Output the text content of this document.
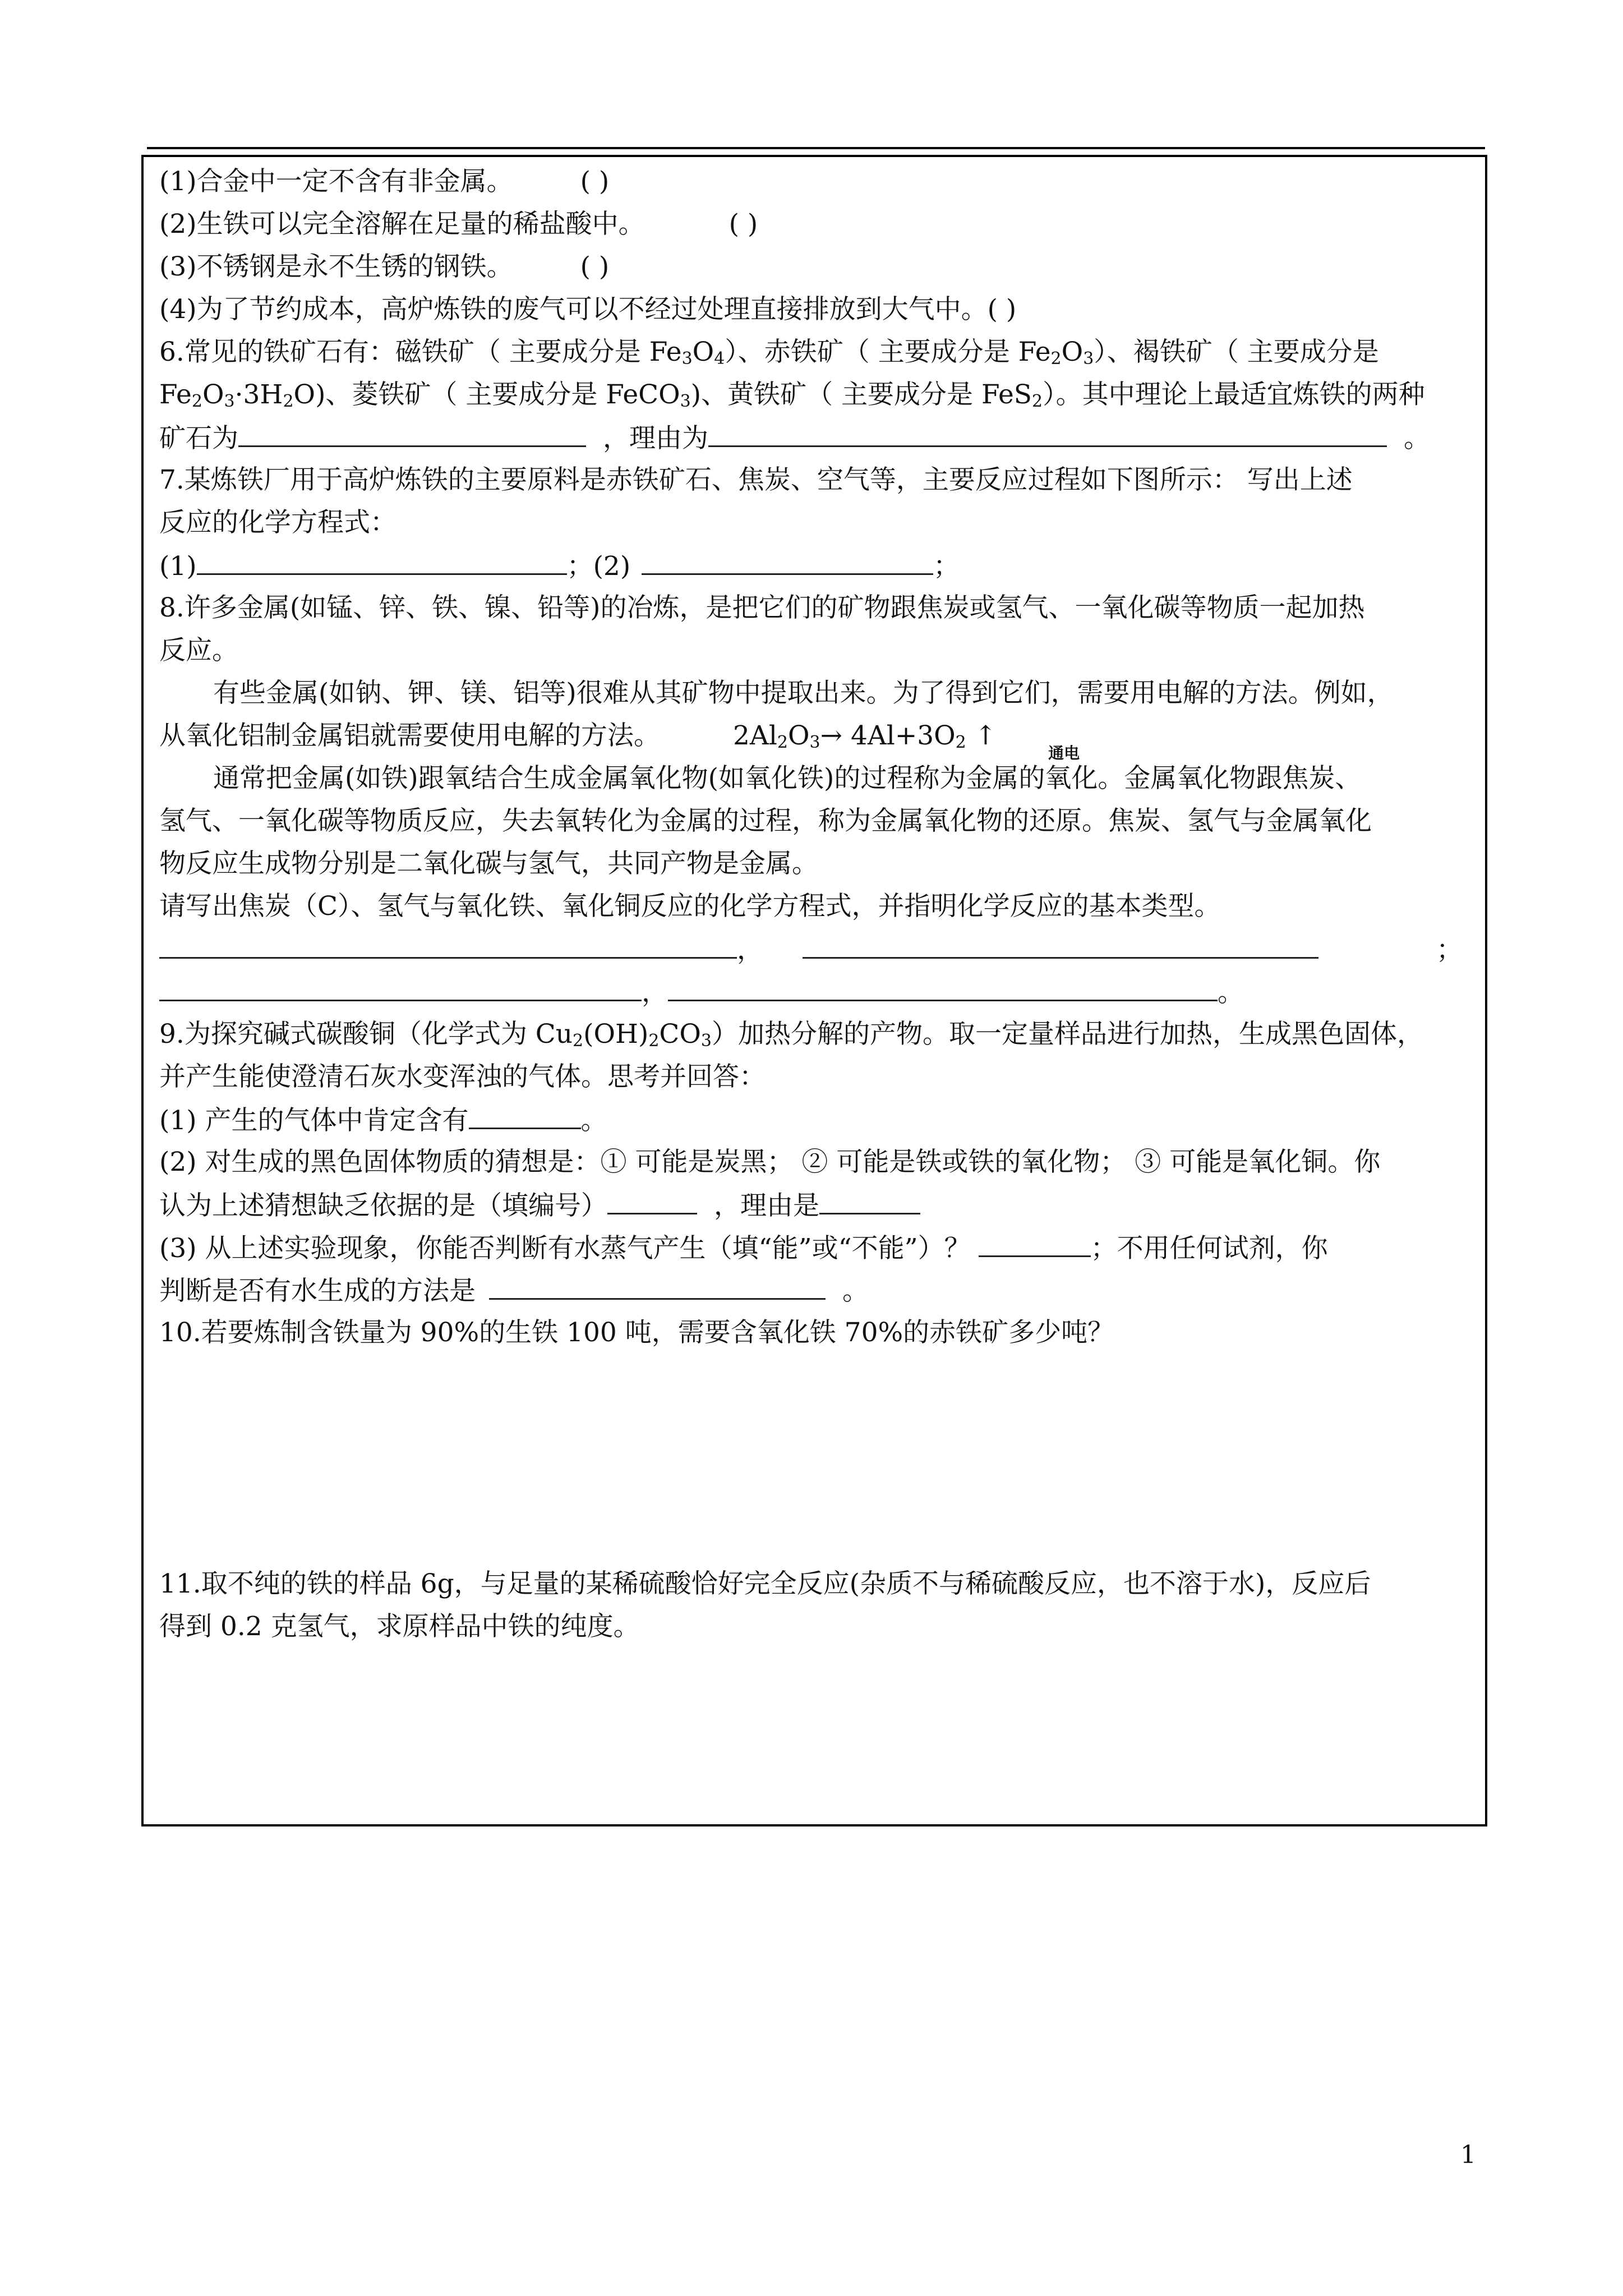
(1)合金中一定不含有非金属。	( )
(2)生铁可以完全溶解在足量的稀盐酸中。	( )
(3)不锈钢是永不生锈的钢铁。	( )
(4)为了节约成本，高炉炼铁的废气可以不经过处理直接排放到大气中。( )
6.常见的铁矿石有：磁铁矿（ 主要成分是 $Fe_3O_4$）、赤铁矿（ 主要成分是 $Fe_2O_3$）、褐铁矿（ 主要成分是
$Fe_2O_3\cdot 3H_2O$)、菱铁矿（ 主要成分是 FeCO$_3$)、黄铁矿（ 主要成分是 FeS$_2$）。其中理论上最适宜炼铁的两种
矿石为	，理由为	。
7.某炼铁厂用于高炉炼铁的主要原料是赤铁矿石、焦炭、空气等，主要反应过程如下图所示： 写出上述
反应的化学方程式：
(1)	；(2)	；
8.许多金属(如锰、锌、铁、镍、铅等)的冶炼，是把它们的矿物跟焦炭或氢气、一氧化碳等物质一起加热
反应。
有些金属(如钠、钾、镁、铝等)很难从其矿物中提取出来。为了得到它们，需要用电解的方法。例如，
从氧化铝制金属铝就需要使用电解的方法。	$2Al_2O_3\to 4Al+3O_2$ ↑
通电
通常把金属(如铁)跟氧结合生成金属氧化物(如氧化铁)的过程称为金属的氧化。金属氧化物跟焦炭、
氢气、一氧化碳等物质反应，失去氧转化为金属的过程，称为金属氧化物的还原。焦炭、氢气与金属氧化
物反应生成物分别是二氧化碳与氢气，共同产物是金属。
请写出焦炭（C）、氢气与氧化铁、氧化铜反应的化学方程式，并指明化学反应的基本类型。
，	；
，	。
9.为探究碱式碳酸铜（化学式为 $Cu_2(OH)_2CO_3$）加热分解的产物。取一定量样品进行加热，生成黑色固体，
并产生能使澄清石灰水变浑浊的气体。思考并回答：
(1) 产生的气体中肯定含有	。
(2) 对生成的黑色固体物质的猜想是：① 可能是炭黑； ② 可能是铁或铁的氧化物； ③ 可能是氧化铜。你
认为上述猜想缺乏依据的是（填编号）	，理由是
(3) 从上述实验现象，你能否判断有水蒸气产生（填“能”或“不能”）？	；不用任何试剂，你
判断是否有水生成的方法是	。
10.若要炼制含铁量为 90%的生铁 100 吨，需要含氧化铁 70%的赤铁矿多少吨？
11.取不纯的铁的样品 6g，与足量的某稀硫酸恰好完全反应(杂质不与稀硫酸反应，也不溶于水)，反应后
得到 0.2 克氢气，求原样品中铁的纯度。
1
